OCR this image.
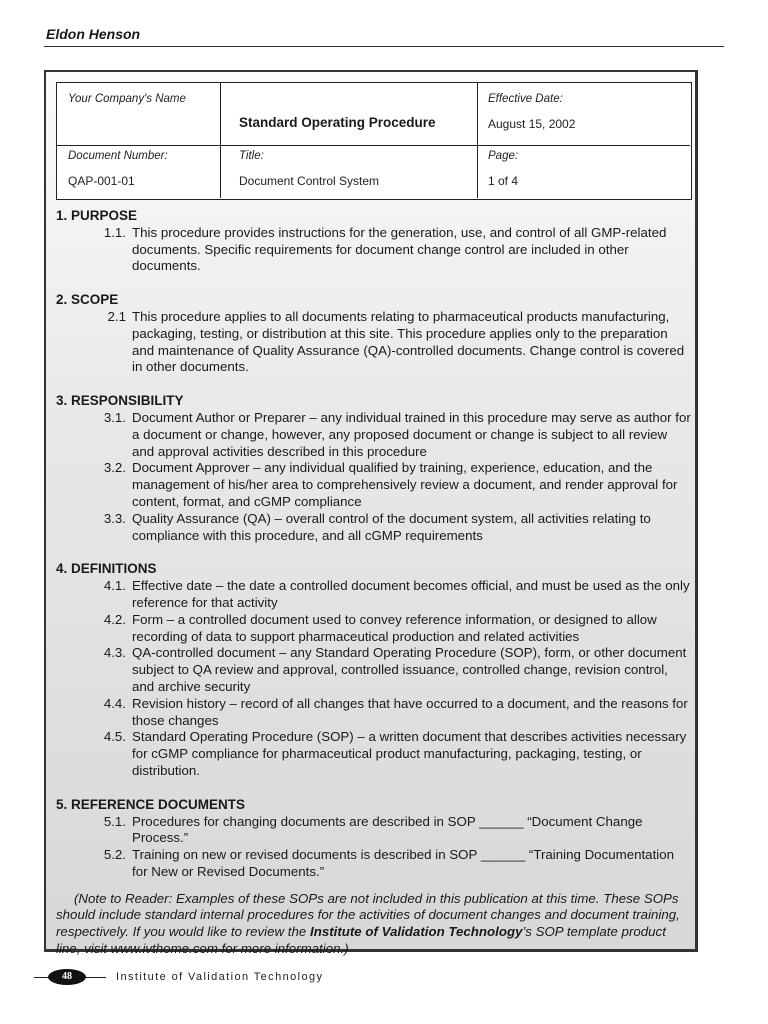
Eldon Henson
Your Company's Name
Standard Operating Procedure
Effective Date:
August 15, 2002
Document Number:
QAP-001-01
Title:
Document Control System
Page:
1 of 4

1. PURPOSE

1.1. This procedure provides instructions for the generation, use, and control of all GMP-related documents. Specific requirements for document change control are included in other documents.

2. SCOPE

2.1 This procedure applies to all documents relating to pharmaceutical products manufacturing, packaging, testing, or distribution at this site. This procedure applies only to the preparation and maintenance of Quality Assurance (QA)-controlled documents. Change control is covered in other documents.

3. RESPONSIBILITY

3.1. Document Author or Preparer – any individual trained in this procedure may serve as author for a document or change, however, any proposed document or change is subject to all review and approval activities described in this procedure
3.2. Document Approver – any individual qualified by training, experience, education, and the management of his/her area to comprehensively review a document, and render approval for content, format, and cGMP compliance
3.3. Quality Assurance (QA) – overall control of the document system, all activities relating to compliance with this procedure, and all cGMP requirements

4. DEFINITIONS

4.1. Effective date – the date a controlled document becomes official, and must be used as the only reference for that activity
4.2. Form – a controlled document used to convey reference information, or designed to allow recording of data to support pharmaceutical production and related activities
4.3. QA-controlled document – any Standard Operating Procedure (SOP), form, or other document subject to QA review and approval, controlled issuance, controlled change, revision control, and archive security
4.4. Revision history – record of all changes that have occurred to a document, and the reasons for those changes
4.5. Standard Operating Procedure (SOP) – a written document that describes activities necessary for cGMP compliance for pharmaceutical product manufacturing, packaging, testing, or distribution.

5. REFERENCE DOCUMENTS

5.1. Procedures for changing documents are described in SOP ______ “Document Change Process.”
5.2. Training on new or revised documents is described in SOP ______ “Training Documentation for New or Revised Documents.”

(Note to Reader: Examples of these SOPs are not included in this publication at this time. These SOPs should include standard internal procedures for the activities of document changes and document training, respectively. If you would like to review the Institute of Validation Technology’s SOP template product line, visit www.ivthome.com for more information.)

48	Institute of Validation Technology
